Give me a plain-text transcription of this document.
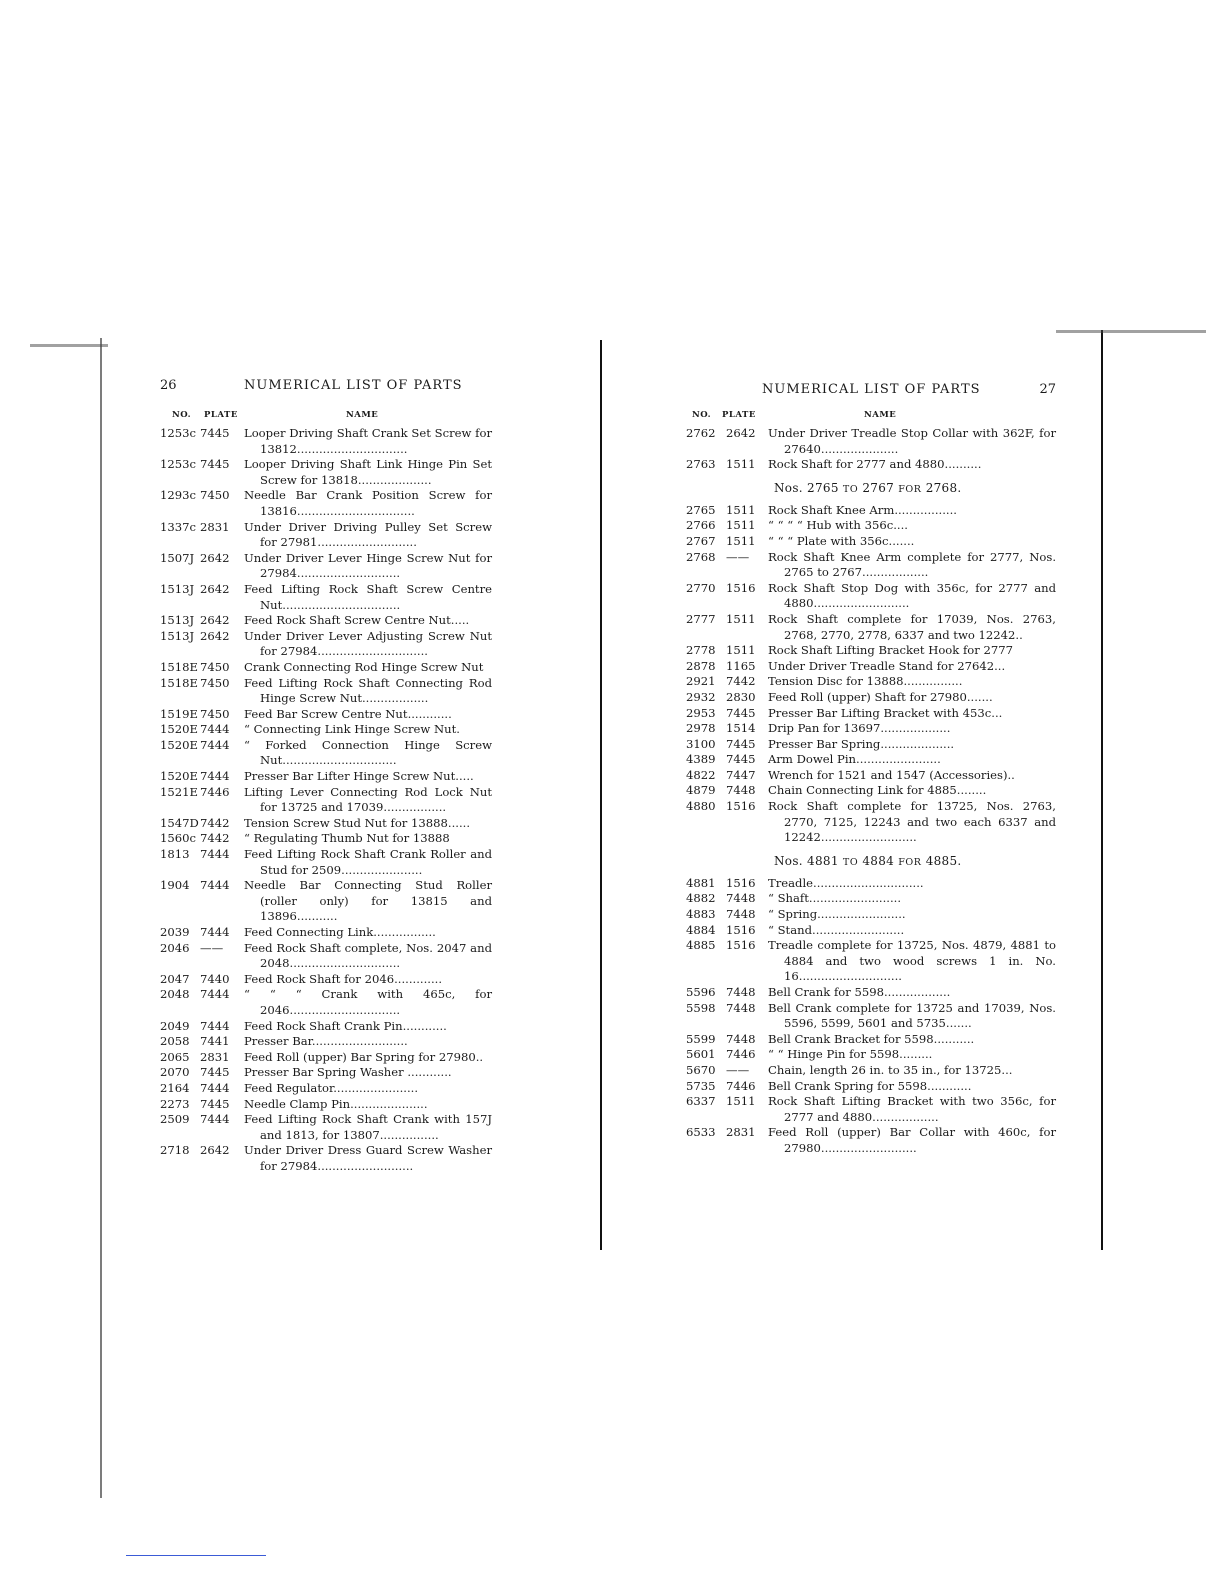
26	NUMERICAL LIST OF PARTS
NO. PLATE	NAME
1253c 7445 Looper Driving Shaft Crank Set Screw for 13812..............................
1253c 7445 Looper Driving Shaft Link Hinge Pin Set Screw for 13818....................
1293c 7450 Needle Bar Crank Position Screw for 13816................................
1337c 2831 Under Driver Driving Pulley Set Screw for 27981...........................
1507J 2642 Under Driver Lever Hinge Screw Nut for 27984............................
1513J 2642 Feed Lifting Rock Shaft Screw Centre Nut................................
1513J 2642 Feed Rock Shaft Screw Centre Nut.....
1513J 2642 Under Driver Lever Adjusting Screw Nut for 27984..............................
1518E 7450 Crank Connecting Rod Hinge Screw Nut
1518E 7450 Feed Lifting Rock Shaft Connecting Rod Hinge Screw Nut..................
1519E 7450 Feed Bar Screw Centre Nut............
1520E 7444 “ Connecting Link Hinge Screw Nut.
1520E 7444 “ Forked Connection Hinge Screw Nut...............................
1520E 7444 Presser Bar Lifter Hinge Screw Nut.....
1521E 7446 Lifting Lever Connecting Rod Lock Nut for 13725 and 17039.................
1547D 7442 Tension Screw Stud Nut for 13888......
1560c 7442 “ Regulating Thumb Nut for 13888
1813 7444 Feed Lifting Rock Shaft Crank Roller and Stud for 2509......................
1904 7444 Needle Bar Connecting Stud Roller (roller only) for 13815 and 13896...........
2039 7444 Feed Connecting Link.................
2046 ——	Feed Rock Shaft complete, Nos. 2047 and 2048..............................
2047 7440 Feed Rock Shaft for 2046.............
2048 7444 “ “ “ Crank with 465c, for 2046..............................
2049 7444 Feed Rock Shaft Crank Pin............
2058 7441 Presser Bar..........................
2065 2831 Feed Roll (upper) Bar Spring for 27980..
2070 7445 Presser Bar Spring Washer ............
2164 7444 Feed Regulator.......................
2273 7445 Needle Clamp Pin.....................
2509 7444 Feed Lifting Rock Shaft Crank with 157J and 1813, for 13807................
2718 2642 Under Driver Dress Guard Screw Washer for 27984..........................
NUMERICAL LIST OF PARTS	27
NO. PLATE	NAME
2762 2642 Under Driver Treadle Stop Collar with 362F, for 27640.....................
2763 1511 Rock Shaft for 2777 and 4880..........
Nos. 2765 TO 2767 FOR 2768.
2765 1511 Rock Shaft Knee Arm.................
2766 1511 “ “ “ “ Hub with 356c....
2767 1511 “ “ “ Plate with 356c.......
2768 ——	Rock Shaft Knee Arm complete for 2777, Nos. 2765 to 2767..................
2770 1516 Rock Shaft Stop Dog with 356c, for 2777 and 4880..........................
2777 1511 Rock Shaft complete for 17039, Nos. 2763, 2768, 2770, 2778, 6337 and two 12242..
2778 1511 Rock Shaft Lifting Bracket Hook for 2777
2878 1165 Under Driver Treadle Stand for 27642...
2921 7442 Tension Disc for 13888................
2932 2830 Feed Roll (upper) Shaft for 27980.......
2953 7445 Presser Bar Lifting Bracket with 453c...
2978 1514 Drip Pan for 13697...................
3100 7445 Presser Bar Spring....................
4389 7445 Arm Dowel Pin.......................
4822 7447 Wrench for 1521 and 1547 (Accessories)..
4879 7448 Chain Connecting Link for 4885........
4880 1516 Rock Shaft complete for 13725, Nos. 2763, 2770, 7125, 12243 and two each 6337 and 12242..........................
Nos. 4881 TO 4884 FOR 4885.
4881 1516 Treadle..............................
4882 7448 “ Shaft.........................
4883 7448 “ Spring........................
4884 1516 “ Stand.........................
4885 1516 Treadle complete for 13725, Nos. 4879, 4881 to 4884 and two wood screws 1 in. No. 16............................
5596 7448 Bell Crank for 5598..................
5598 7448 Bell Crank complete for 13725 and 17039, Nos. 5596, 5599, 5601 and 5735.......
5599 7448 Bell Crank Bracket for 5598...........
5601 7446 “ “ Hinge Pin for 5598.........
5670 ——	Chain, length 26 in. to 35 in., for 13725...
5735 7446 Bell Crank Spring for 5598............
6337 1511 Rock Shaft Lifting Bracket with two 356c, for 2777 and 4880..................
6533 2831 Feed Roll (upper) Bar Collar with 460c, for 27980..........................
